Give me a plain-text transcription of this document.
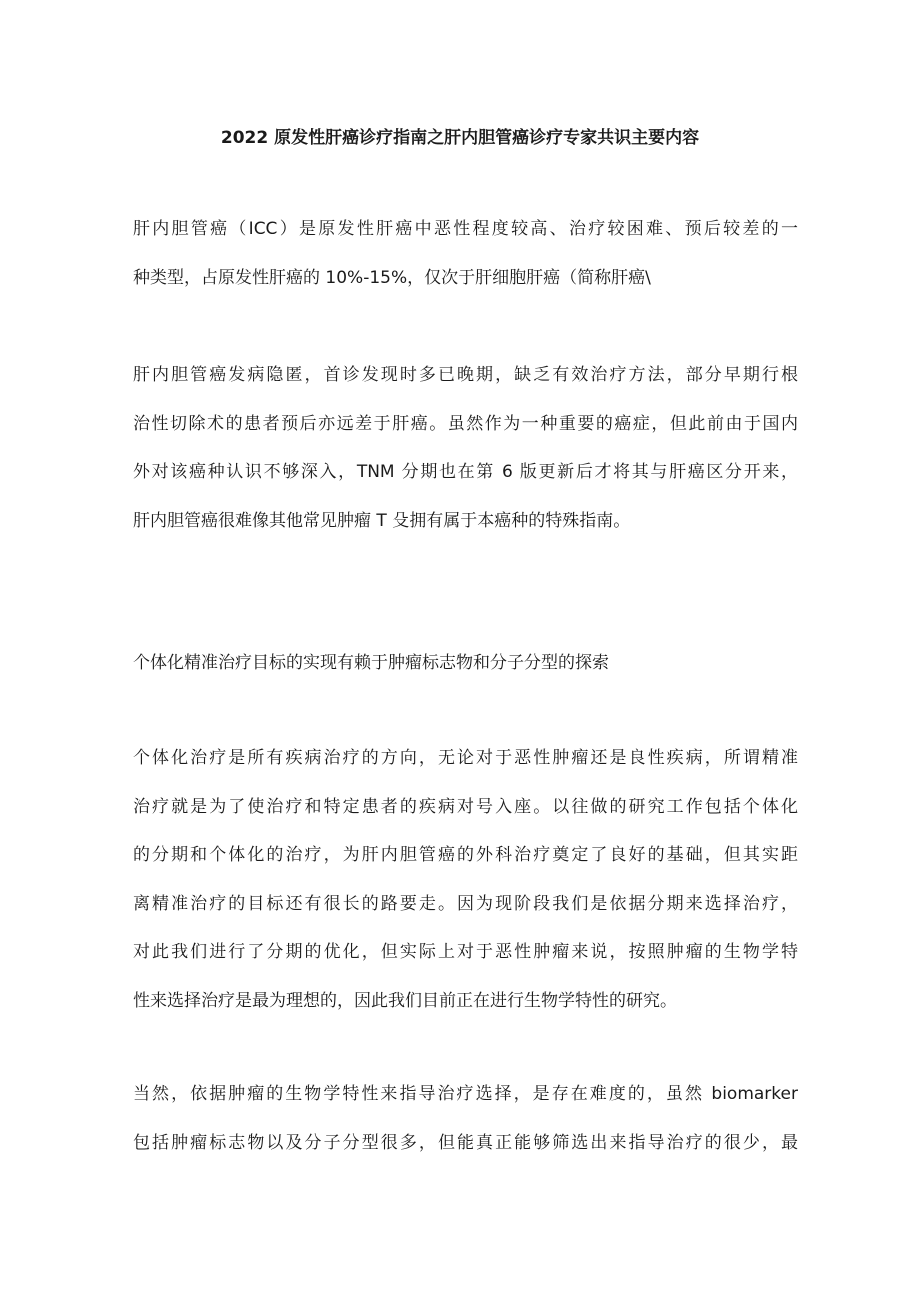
2022 原发性肝癌诊疗指南之肝内胆管癌诊疗专家共识主要内容

肝内胆管癌（ICC）是原发性肝癌中恶性程度较高、治疗较困难、预后较差的一
种类型，占原发性肝癌的 10%-15%，仅次于肝细胞肝癌（简称肝癌\

肝内胆管癌发病隐匿，首诊发现时多已晚期，缺乏有效治疗方法，部分早期行根
治性切除术的患者预后亦远差于肝癌。虽然作为一种重要的癌症，但此前由于国内
外对该癌种认识不够深入，TNM 分期也在第 6 版更新后才将其与肝癌区分开来，
肝内胆管癌很难像其他常见肿瘤 T 殳拥有属于本癌种的特殊指南。

个体化精准治疗目标的实现有赖于肿瘤标志物和分子分型的探索

个体化治疗是所有疾病治疗的方向，无论对于恶性肿瘤还是良性疾病，所谓精准
治疗就是为了使治疗和特定患者的疾病对号入座。以往做的研究工作包括个体化
的分期和个体化的治疗，为肝内胆管癌的外科治疗奠定了良好的基础，但其实距
离精准治疗的目标还有很长的路要走。因为现阶段我们是依据分期来选择治疗，
对此我们进行了分期的优化，但实际上对于恶性肿瘤来说，按照肿瘤的生物学特
性来选择治疗是最为理想的，因此我们目前正在进行生物学特性的研究。

当然，依据肿瘤的生物学特性来指导治疗选择，是存在难度的，虽然 biomarker
包括肿瘤标志物以及分子分型很多，但能真正能够筛选出来指导治疗的很少，最
